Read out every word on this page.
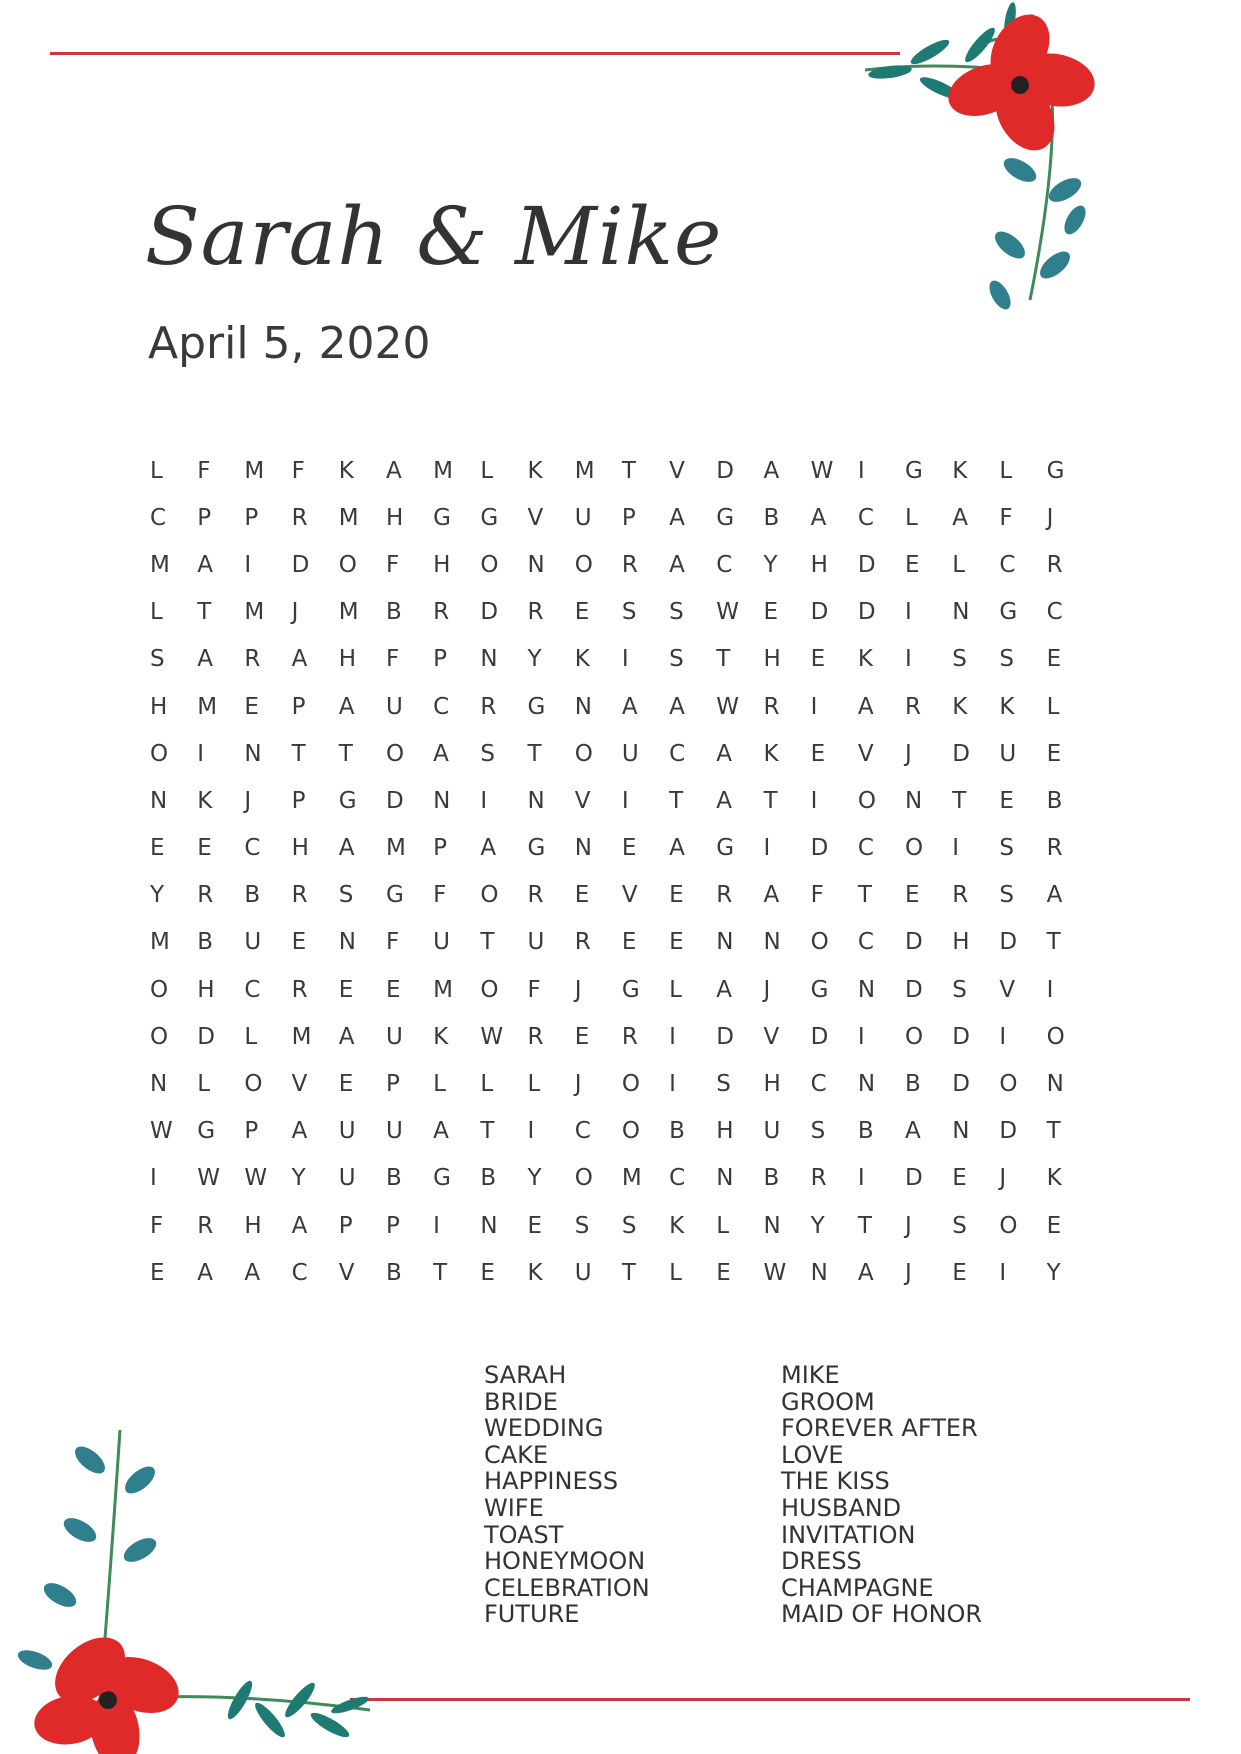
Sarah & Mike
April 5, 2020
L	F	M	F	K	A	M	L	K	M	T	V	D	A	W	I	G	K	L	G
C	P	P	R	M	H	G	G	V	U	P	A	G	B	A	C	L	A	F	J
M	A	I	D	O	F	H	O	N	O	R	A	C	Y	H	D	E	L	C	R
L	T	M	J	M	B	R	D	R	E	S	S	W	E	D	D	I	N	G	C
S	A	R	A	H	F	P	N	Y	K	I	S	T	H	E	K	I	S	S	E
H	M	E	P	A	U	C	R	G	N	A	A	W	R	I	A	R	K	K	L
O	I	N	T	T	O	A	S	T	O	U	C	A	K	E	V	J	D	U	E
N	K	J	P	G	D	N	I	N	V	I	T	A	T	I	O	N	T	E	B
E	E	C	H	A	M	P	A	G	N	E	A	G	I	D	C	O	I	S	R
Y	R	B	R	S	G	F	O	R	E	V	E	R	A	F	T	E	R	S	A
M	B	U	E	N	F	U	T	U	R	E	E	N	N	O	C	D	H	D	T
O	H	C	R	E	E	M	O	F	J	G	L	A	J	G	N	D	S	V	I
O	D	L	M	A	U	K	W	R	E	R	I	D	V	D	I	O	D	I	O
N	L	O	V	E	P	L	L	L	J	O	I	S	H	C	N	B	D	O	N
W	G	P	A	U	U	A	T	I	C	O	B	H	U	S	B	A	N	D	T
I	W	W	Y	U	B	G	B	Y	O	M	C	N	B	R	I	D	E	J	K
F	R	H	A	P	P	I	N	E	S	S	K	L	N	Y	T	J	S	O	E
E	A	A	C	V	B	T	E	K	U	T	L	E	W	N	A	J	E	I	Y
SARAH
BRIDE
WEDDING
CAKE
HAPPINESS
WIFE
TOAST
HONEYMOON
CELEBRATION
FUTURE
MIKE
GROOM
FOREVER AFTER
LOVE
THE KISS
HUSBAND
INVITATION
DRESS
CHAMPAGNE
MAID OF HONOR
